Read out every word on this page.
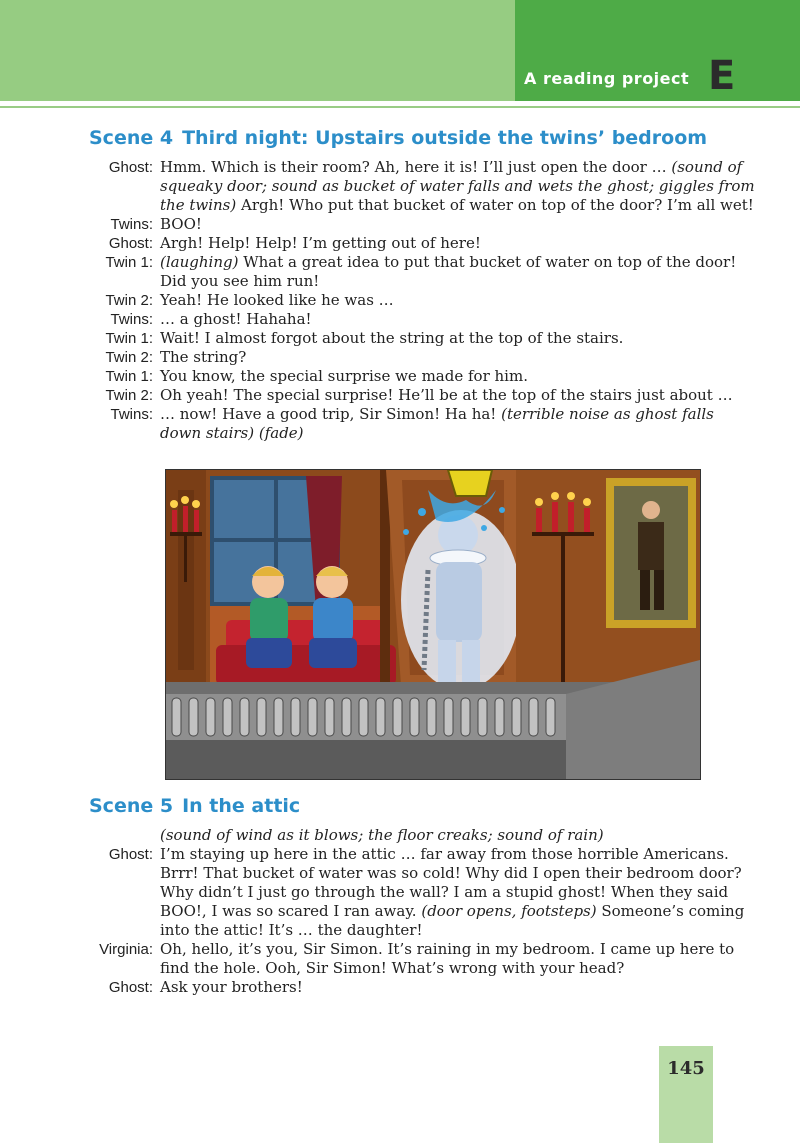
A reading project E
Scene 4 Third night: Upstairs outside the twins’ bedroom
Ghost: Hmm. Which is their room? Ah, here it is! I’ll just open the door … (sound of
squeaky door; sound as bucket of water falls and wets the ghost; giggles from
the twins) Argh! Who put that bucket of water on top of the door? I’m all wet!
Twins: BOO!
Ghost: Argh! Help! Help! I’m getting out of here!
Twin 1: (laughing) What a great idea to put that bucket of water on top of the door!
Did you see him run!
Twin 2: Yeah! He looked like he was …
Twins: … a ghost! Hahaha!
Twin 1: Wait! I almost forgot about the string at the top of the stairs.
Twin 2: The string?
Twin 1: You know, the special surprise we made for him.
Twin 2: Oh yeah! The special surprise! He’ll be at the top of the stairs just about …
Twins: … now! Have a good trip, Sir Simon! Ha ha! (terrible noise as ghost falls
down stairs) (fade)
Scene 5 In the attic
(sound of wind as it blows; the floor creaks; sound of rain)
Ghost: I’m staying up here in the attic … far away from those horrible Americans.
Brrr! That bucket of water was so cold! Why did I open their bedroom door?
Why didn’t I just go through the wall? I am a stupid ghost! When they said
BOO!, I was so scared I ran away. (door opens, footsteps) Someone’s coming
into the attic! It’s … the daughter!
Virginia: Oh, hello, it’s you, Sir Simon. It’s raining in my bedroom. I came up here to
find the hole. Ooh, Sir Simon! What’s wrong with your head?
Ghost: Ask your brothers!
145
